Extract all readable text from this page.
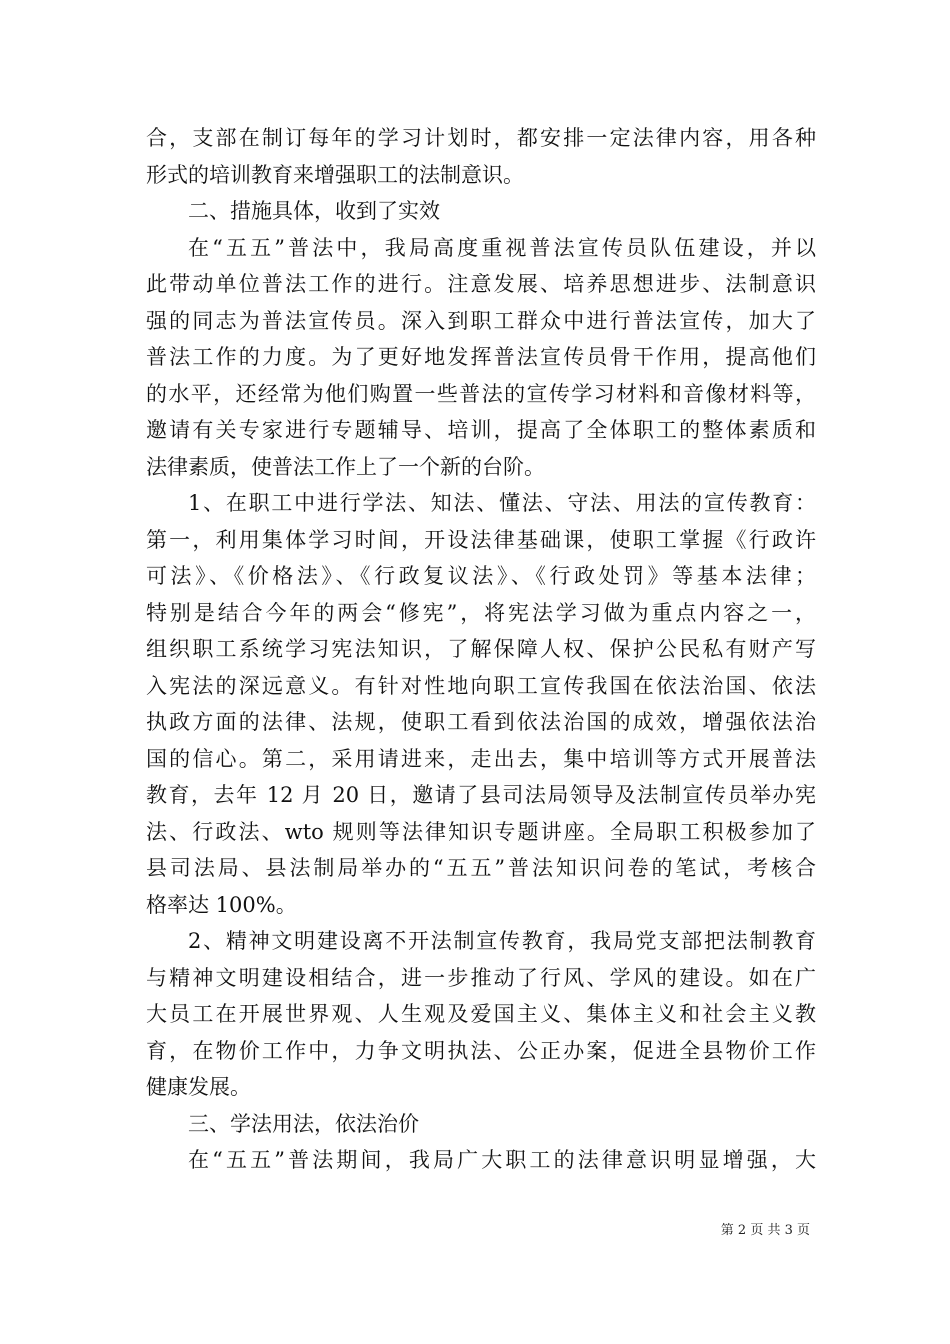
合，支部在制订每年的学习计划时，都安排一定法律内容，用各种
形式的培训教育来增强职工的法制意识。
二、措施具体，收到了实效
在“五五”普法中，我局高度重视普法宣传员队伍建设，并以
此带动单位普法工作的进行。注意发展、培养思想进步、法制意识
强的同志为普法宣传员。深入到职工群众中进行普法宣传，加大了
普法工作的力度。为了更好地发挥普法宣传员骨干作用，提高他们
的水平，还经常为他们购置一些普法的宣传学习材料和音像材料等，
邀请有关专家进行专题辅导、培训，提高了全体职工的整体素质和
法律素质，使普法工作上了一个新的台阶。
1、在职工中进行学法、知法、懂法、守法、用法的宣传教育：
第一，利用集体学习时间，开设法律基础课，使职工掌握《行政许
可法》、《价格法》、《行政复议法》、《行政处罚》等基本法律；
特别是结合今年的两会“修宪”，将宪法学习做为重点内容之一，
组织职工系统学习宪法知识，了解保障人权、保护公民私有财产写
入宪法的深远意义。有针对性地向职工宣传我国在依法治国、依法
执政方面的法律、法规，使职工看到依法治国的成效，增强依法治
国的信心。第二，采用请进来，走出去，集中培训等方式开展普法
教育，去年 12 月 20 日，邀请了县司法局领导及法制宣传员举办宪
法、行政法、wto 规则等法律知识专题讲座。全局职工积极参加了
县司法局、县法制局举办的“五五”普法知识问卷的笔试，考核合
格率达 100%。
2、精神文明建设离不开法制宣传教育，我局党支部把法制教育
与精神文明建设相结合，进一步推动了行风、学风的建设。如在广
大员工在开展世界观、人生观及爱国主义、集体主义和社会主义教
育，在物价工作中，力争文明执法、公正办案，促进全县物价工作
健康发展。
三、学法用法，依法治价
在“五五”普法期间，我局广大职工的法律意识明显增强，大
第 2 页 共 3 页
